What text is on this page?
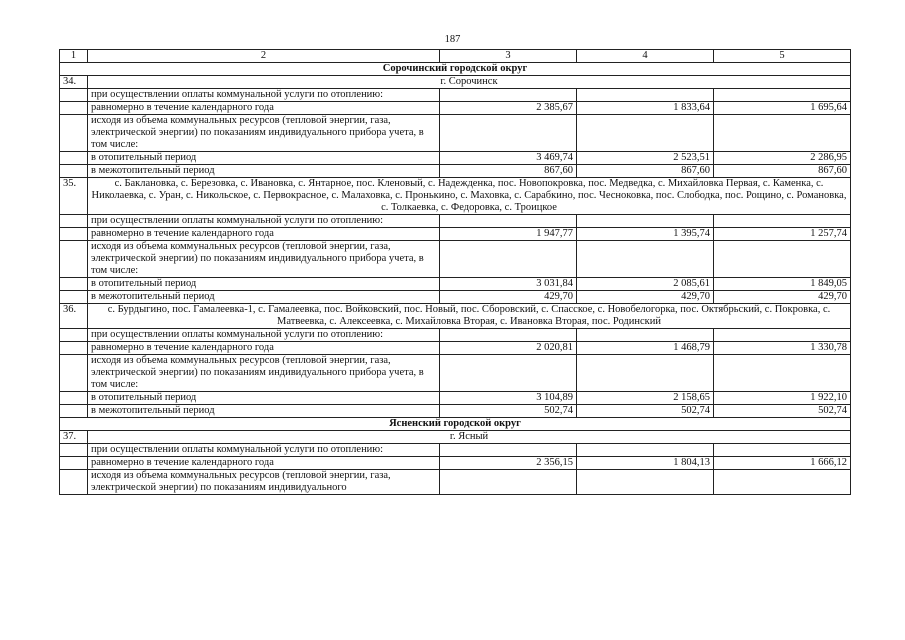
187
1	2	3	4	5
Сорочинский городской округ				
34.	г. Сорочинск			
	при осуществлении оплаты коммунальной услуги по отоплению:			
	равномерно в течение календарного года	2 385,67	1 833,64	1 695,64
	исходя из объема коммунальных ресурсов (тепловой энергии, газа, электрической энергии) по показаниям индивидуального прибора учета, в том числе:			
	в отопительный период	3 469,74	2 523,51	2 286,95
	в межотопительный период	867,60	867,60	867,60
35.	с. Баклановка, с. Березовка, с. Ивановка, с. Янтарное, пос. Кленовый, с. Надежденка, пос. Новопокровка, пос. Медведка, с. Михайловка Первая, с. Каменка, с. Николаевка, с. Уран, с. Никольское, с. Первокрасное, с. Малаховка, с. Пронькино, с. Маховка, с. Сарабкино, пос. Чесноковка, пос. Слободка, пос. Рощино, с. Романовка, с. Толкаевка, с. Федоровка, с. Троицкое			
	при осуществлении оплаты коммунальной услуги по отоплению:			
	равномерно в течение календарного года	1 947,77	1 395,74	1 257,74
	исходя из объема коммунальных ресурсов (тепловой энергии, газа, электрической энергии) по показаниям индивидуального прибора учета, в том числе:			
	в отопительный период	3 031,84	2 085,61	1 849,05
	в межотопительный период	429,70	429,70	429,70
36.	с. Бурдыгино, пос. Гамалеевка-1, с. Гамалеевка, пос. Войковский, пос. Новый, пос. Сборовский, с. Спасское, с. Новобелогорка, пос. Октябрьский, с. Покровка, с. Матвеевка, с. Алексеевка, с. Михайловка Вторая, с. Ивановка Вторая, пос. Родинский			
	при осуществлении оплаты коммунальной услуги по отоплению:			
	равномерно в течение календарного года	2 020,81	1 468,79	1 330,78
	исходя из объема коммунальных ресурсов (тепловой энергии, газа, электрической энергии) по показаниям индивидуального прибора учета, в том числе:			
	в отопительный период	3 104,89	2 158,65	1 922,10
	в межотопительный период	502,74	502,74	502,74
Ясненский городской округ				
37.	г. Ясный			
	при осуществлении оплаты коммунальной услуги по отоплению:			
	равномерно в течение календарного года	2 356,15	1 804,13	1 666,12
	исходя из объема коммунальных ресурсов (тепловой энергии, газа, электрической энергии) по показаниям индивидуального			
